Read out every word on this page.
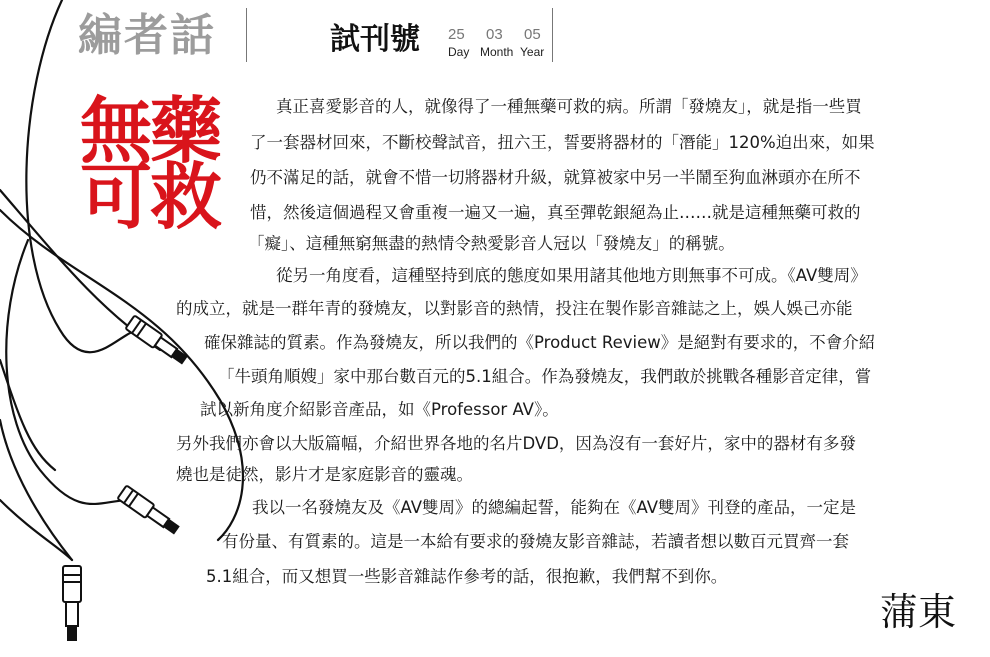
編者話	試刊號 25 03 05
Day Month Year
無藥
可救
真正喜愛影音的人，就像得了一種無藥可救的病。所謂「發燒友」，就是指一些買
了一套器材回來，不斷校聲試音，扭六王，誓要將器材的「潛能」120%迫出來，如果
仍不滿足的話，就會不惜一切將器材升級，就算被家中另一半鬧至狗血淋頭亦在所不
惜，然後這個過程又會重複一遍又一遍，真至彈乾銀絕為止……就是這種無藥可救的
「癡」、這種無窮無盡的熱情令熱愛影音人冠以「發燒友」的稱號。
從另一角度看，這種堅持到底的態度如果用諸其他地方則無事不可成。《AV雙周》
的成立，就是一群年青的發燒友，以對影音的熱情，投注在製作影音雜誌之上，娛人娛己亦能
確保雜誌的質素。作為發燒友，所以我們的《Product Review》是絕對有要求的，不會介紹
「牛頭角順嫂」家中那台數百元的5.1組合。作為發燒友，我們敢於挑戰各種影音定律，嘗
試以新角度介紹影音產品，如《Professor AV》。
另外我們亦會以大版篇幅，介紹世界各地的名片DVD，因為沒有一套好片，家中的器材有多發
燒也是徒然，影片才是家庭影音的靈魂。
我以一名發燒友及《AV雙周》的總編起誓，能夠在《AV雙周》刊登的產品，一定是
有份量、有質素的。這是一本給有要求的發燒友影音雜誌，若讀者想以數百元買齊一套
5.1組合，而又想買一些影音雜誌作參考的話，很抱歉，我們幫不到你。
蒲東
